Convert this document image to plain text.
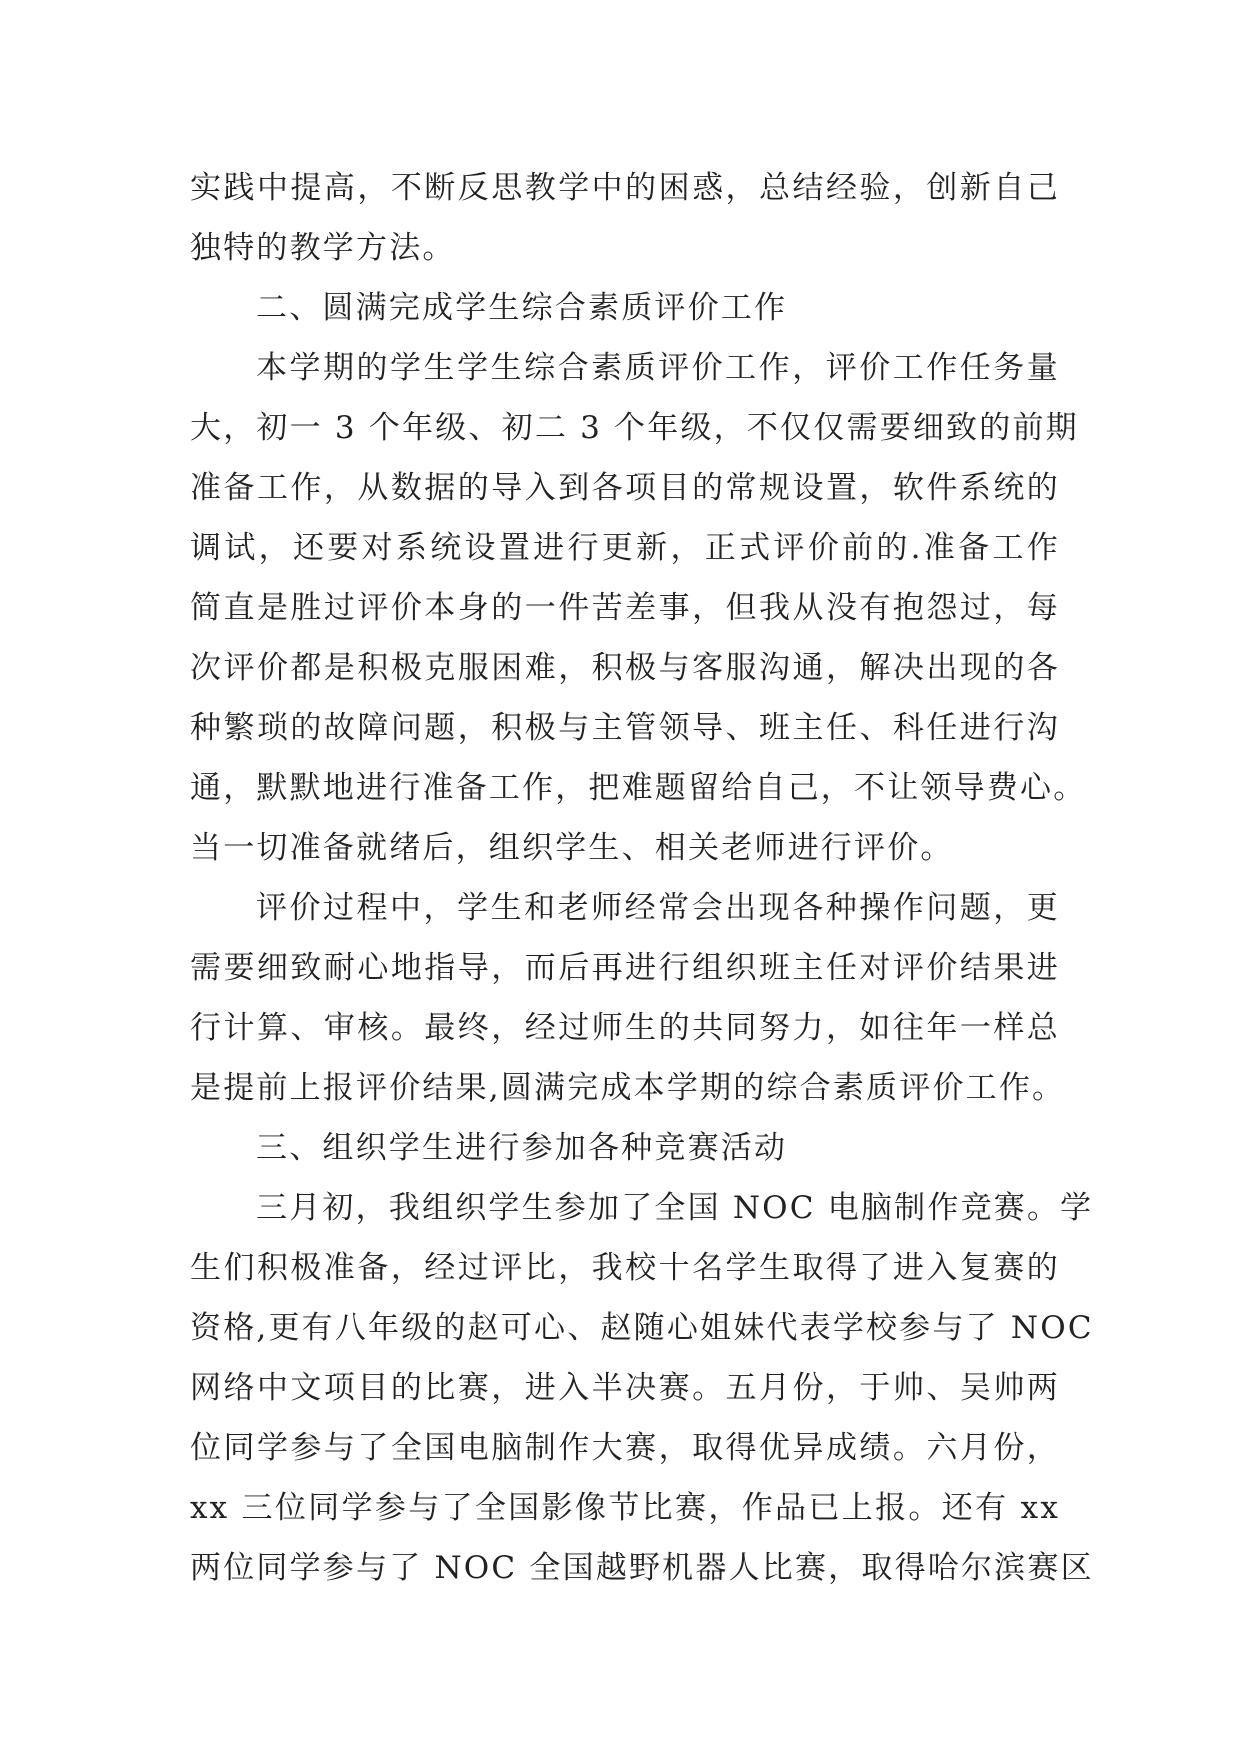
实践中提高，不断反思教学中的困惑，总结经验，创新自己
独特的教学方法。
二、圆满完成学生综合素质评价工作
本学期的学生学生综合素质评价工作，评价工作任务量
大，初一 3 个年级、初二 3 个年级，不仅仅需要细致的前期
准备工作，从数据的导入到各项目的常规设置，软件系统的
调试，还要对系统设置进行更新，正式评价前的.准备工作
简直是胜过评价本身的一件苦差事，但我从没有抱怨过，每
次评价都是积极克服困难，积极与客服沟通，解决出现的各
种繁琐的故障问题，积极与主管领导、班主任、科任进行沟
通，默默地进行准备工作，把难题留给自己，不让领导费心。
当一切准备就绪后，组织学生、相关老师进行评价。
评价过程中，学生和老师经常会出现各种操作问题，更
需要细致耐心地指导，而后再进行组织班主任对评价结果进
行计算、审核。最终，经过师生的共同努力，如往年一样总
是提前上报评价结果,圆满完成本学期的综合素质评价工作。
三、组织学生进行参加各种竞赛活动
三月初，我组织学生参加了全国 NOC 电脑制作竞赛。学
生们积极准备，经过评比，我校十名学生取得了进入复赛的
资格,更有八年级的赵可心、赵随心姐妹代表学校参与了 NOC
网络中文项目的比赛，进入半决赛。五月份，于帅、吴帅两
位同学参与了全国电脑制作大赛，取得优异成绩。六月份，
xx 三位同学参与了全国影像节比赛，作品已上报。还有 xx
两位同学参与了 NOC 全国越野机器人比赛，取得哈尔滨赛区
